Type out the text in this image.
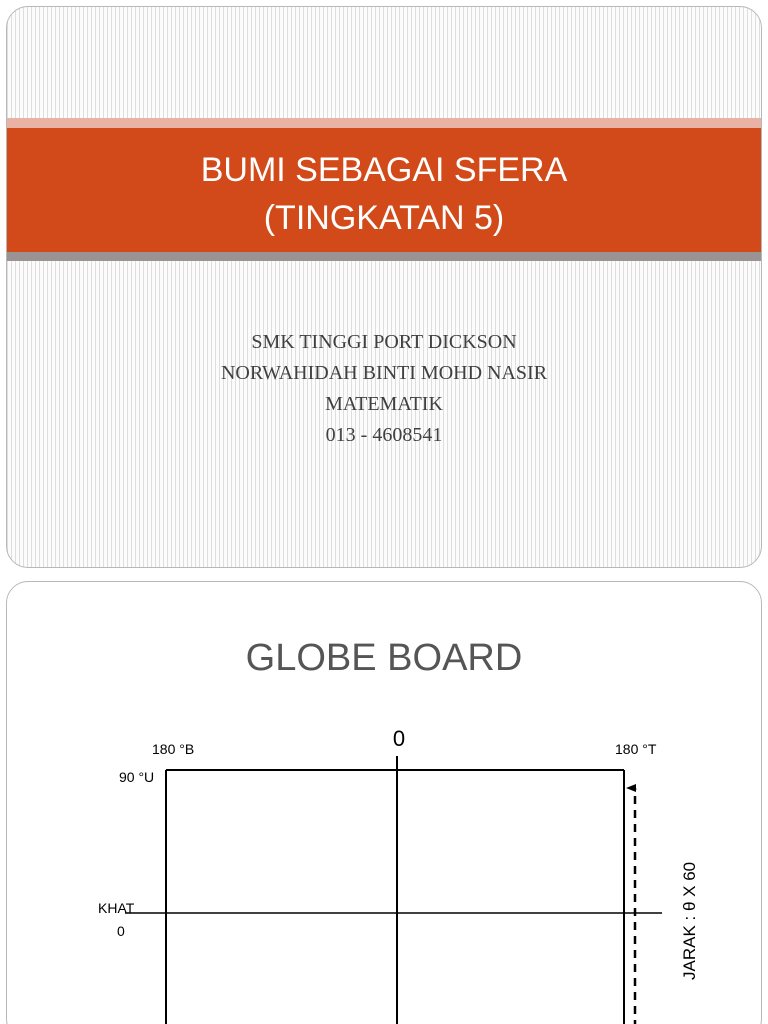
BUMI SEBAGAI SFERA
(TINGKATAN 5)
SMK TINGGI PORT DICKSON
NORWAHIDAH BINTI MOHD NASIR
MATEMATIK
013 - 4608541
GLOBE BOARD
0
180 °B	180 °T
90 °U
KHAT
0	JARAK : θ X 60
